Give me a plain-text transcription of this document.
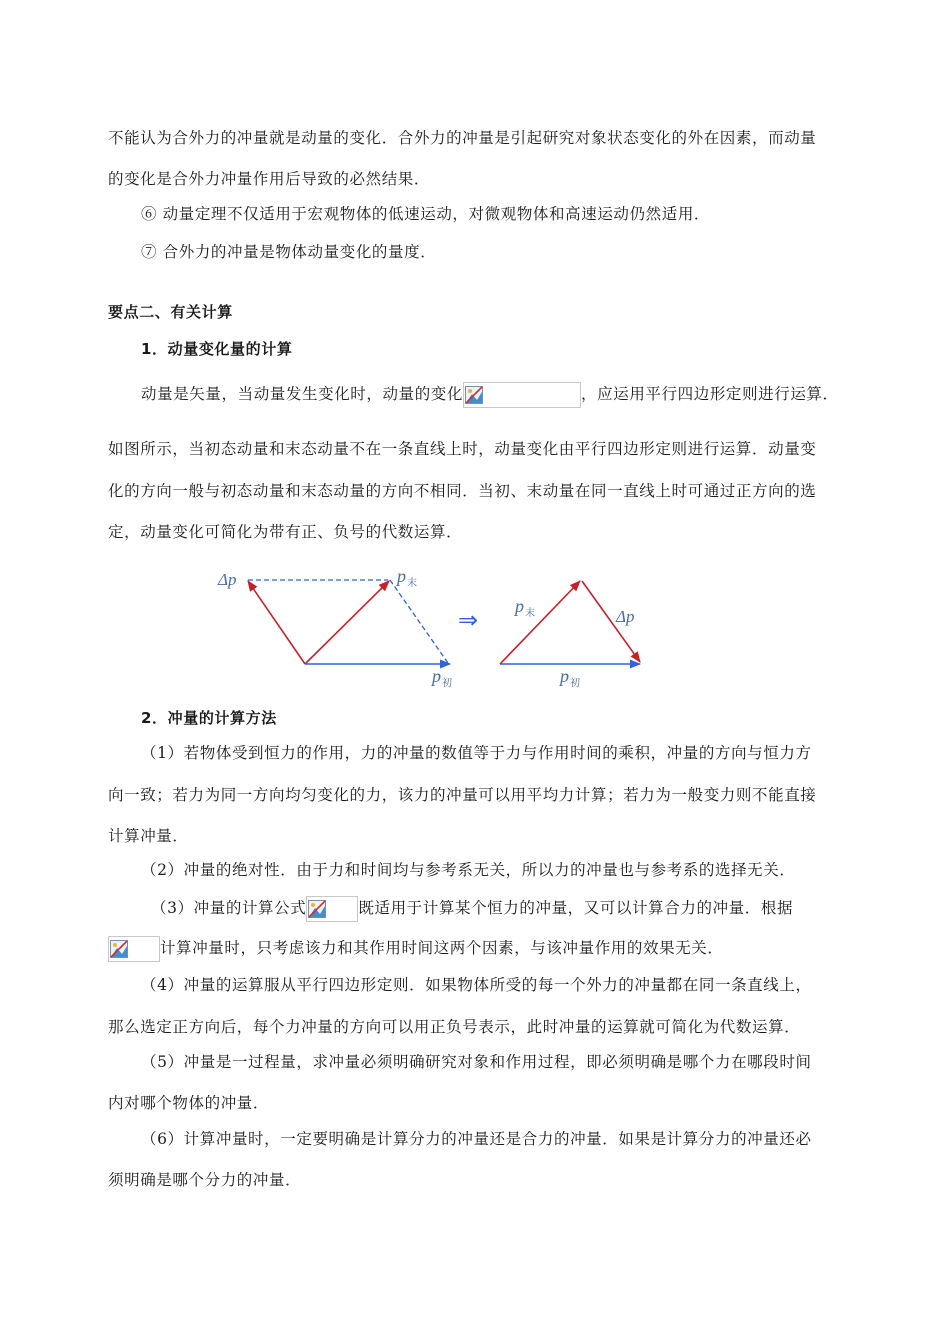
不能认为合外力的冲量就是动量的变化．合外力的冲量是引起研究对象状态变化的外在因素，而动量
的变化是合外力冲量作用后导致的必然结果．
⑥ 动量定理不仅适用于宏观物体的低速运动，对微观物体和高速运动仍然适用．
⑦ 合外力的冲量是物体动量变化的量度．
要点二、有关计算
1．动量变化量的计算
动量是矢量，当动量发生变化时，动量的变化	，应运用平行四边形定则进行运算．
如图所示，当初态动量和末态动量不在一条直线上时，动量变化由平行四边形定则进行运算．动量变
化的方向一般与初态动量和末态动量的方向不相同．当初、末动量在同一直线上时可通过正方向的选
定，动量变化可简化为带有正、负号的代数运算．
Δp	p 末
p 初
⇒ p 末	Δp
p 初
2．冲量的计算方法
（1）若物体受到恒力的作用，力的冲量的数值等于力与作用时间的乘积，冲量的方向与恒力方
向一致；若力为同一方向均匀变化的力，该力的冲量可以用平均力计算；若力为一般变力则不能直接
计算冲量．
（2）冲量的绝对性．由于力和时间均与参考系无关，所以力的冲量也与参考系的选择无关．
（3）冲量的计算公式	既适用于计算某个恒力的冲量，又可以计算合力的冲量．根据
计算冲量时，只考虑该力和其作用时间这两个因素，与该冲量作用的效果无关．
（4）冲量的运算服从平行四边形定则．如果物体所受的每一个外力的冲量都在同一条直线上，
那么选定正方向后，每个力冲量的方向可以用正负号表示，此时冲量的运算就可简化为代数运算．
（5）冲量是一过程量，求冲量必须明确研究对象和作用过程，即必须明确是哪个力在哪段时间
内对哪个物体的冲量．
（6）计算冲量时，一定要明确是计算分力的冲量还是合力的冲量．如果是计算分力的冲量还必
须明确是哪个分力的冲量．
